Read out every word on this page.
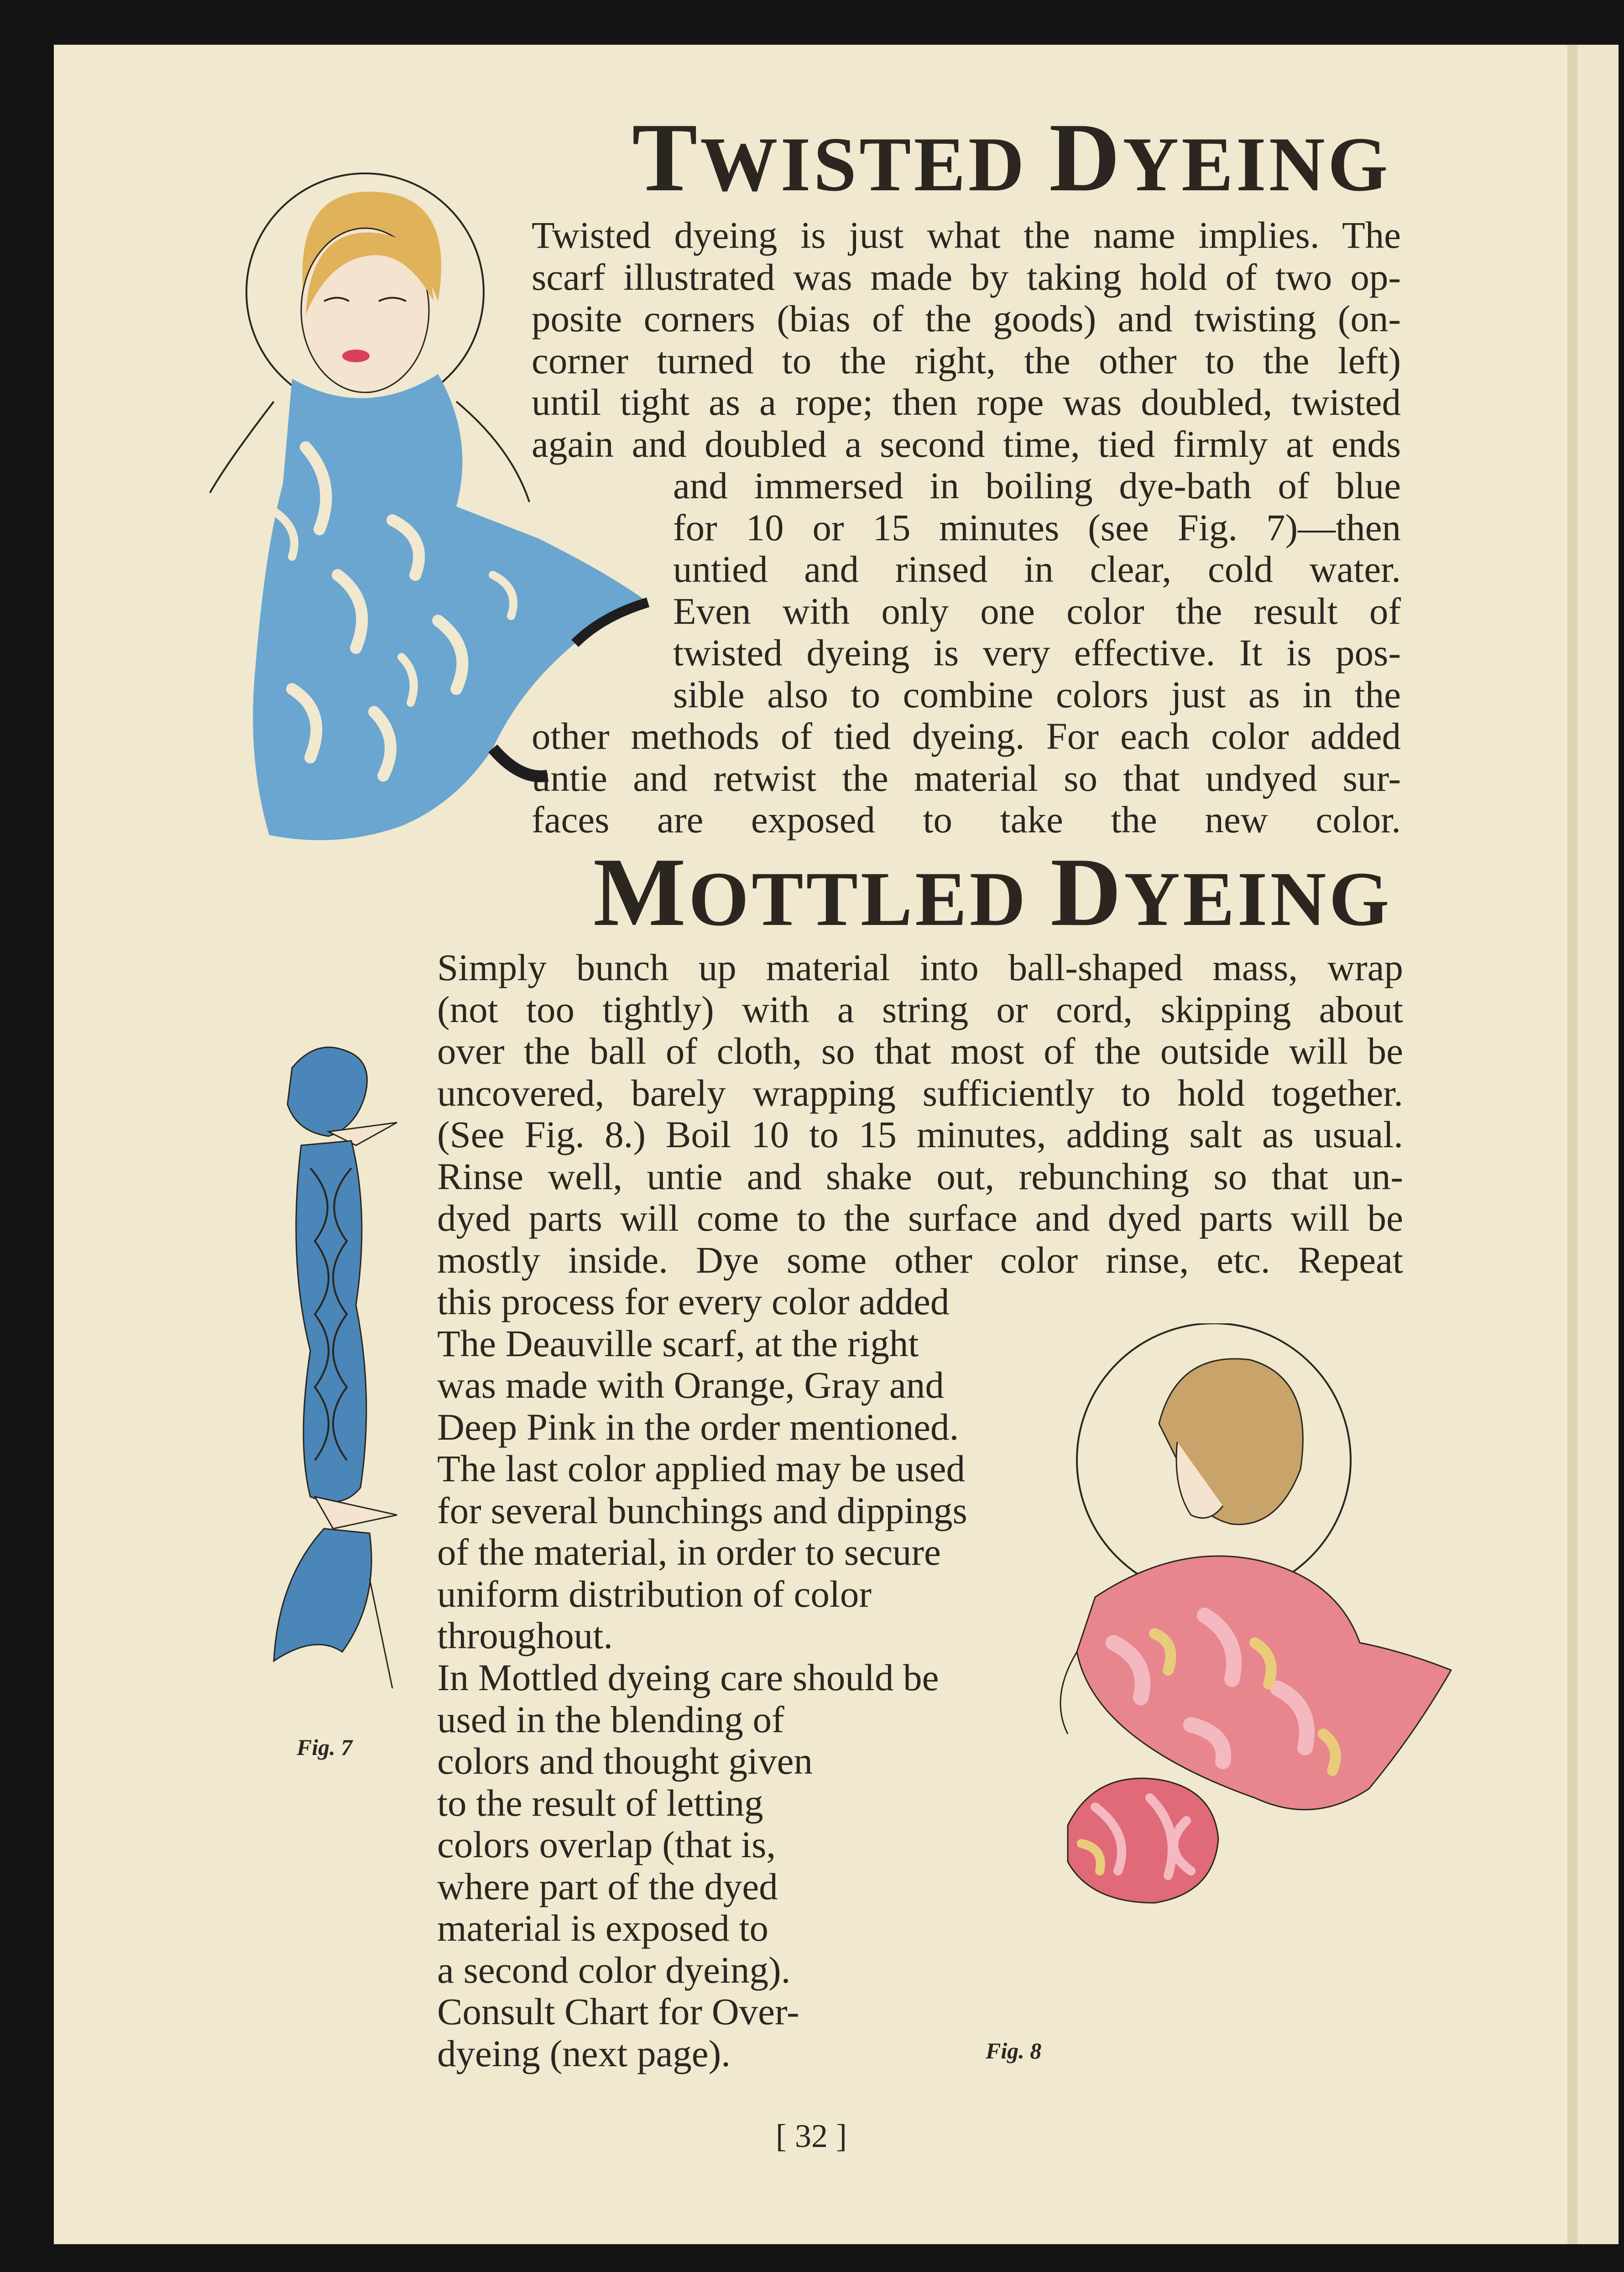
TWISTED DYEING

Twisted dyeing is just what the name implies. The
scarf illustrated was made by taking hold of two op-
posite corners (bias of the goods) and twisting (on-
corner turned to the right, the other to the left)
until tight as a rope; then rope was doubled, twisted
again and doubled a second time, tied firmly at ends

and immersed in boiling dye-bath of blue
for 10 or 15 minutes (see Fig. 7)—then
untied and rinsed in clear, cold water.
Even with only one color the result of
twisted dyeing is very effective. It is pos-
sible also to combine colors just as in the

other methods of tied dyeing. For each color added
untie and retwist the material so that undyed sur-
faces are exposed to take the new color.

MOTTLED DYEING

Simply bunch up material into ball-shaped mass, wrap
(not too tightly) with a string or cord, skipping about
over the ball of cloth, so that most of the outside will be
uncovered, barely wrapping sufficiently to hold together.
(See Fig. 8.) Boil 10 to 15 minutes, adding salt as usual.
Rinse well, untie and shake out, rebunching so that un-
dyed parts will come to the surface and dyed parts will be
mostly inside. Dye some other color rinse, etc. Repeat

this process for every color added
The Deauville scarf, at the right
was made with Orange, Gray and
Deep Pink in the order mentioned.
The last color applied may be used
for several bunchings and dippings
of the material, in order to secure
uniform distribution of color
throughout.

In Mottled dyeing care should be
used in the blending of
colors and thought given
to the result of letting
colors overlap (that is,
where part of the dyed
material is exposed to
a second color dyeing).
Consult Chart for Over-
dyeing (next page).

Fig. 7
Fig. 8
[ 32 ]
